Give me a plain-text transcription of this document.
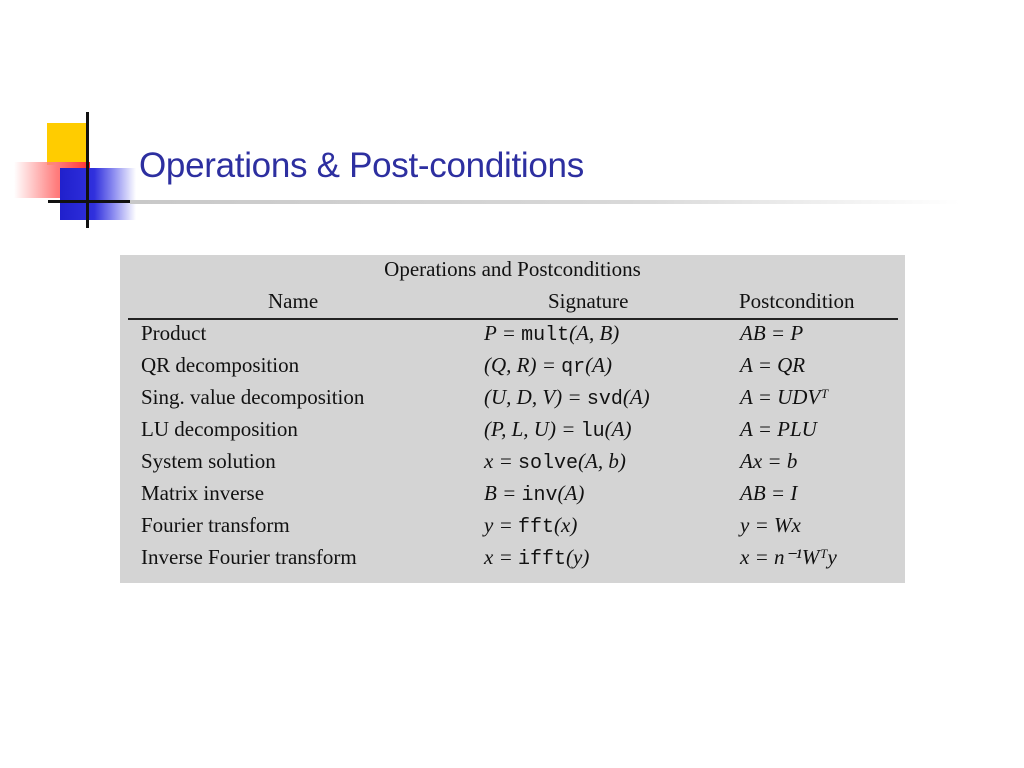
Operations & Post-conditions
Operations and Postconditions
Name	Signature	Postcondition
Product	P = mult(A, B)	AB = P
QR decomposition	(Q, R) = qr(A)	A = QR
Sing. value decomposition	(U, D, V) = svd(A)	A = UDVᵀ
LU decomposition	(P, L, U) = lu(A)	A = PLU
System solution	x = solve(A, b)	Ax = b
Matrix inverse	B = inv(A)	AB = I
Fourier transform	y = fft(x)	y = Wx
Inverse Fourier transform	x = ifft(y)	x = n⁻¹Wᵀy
